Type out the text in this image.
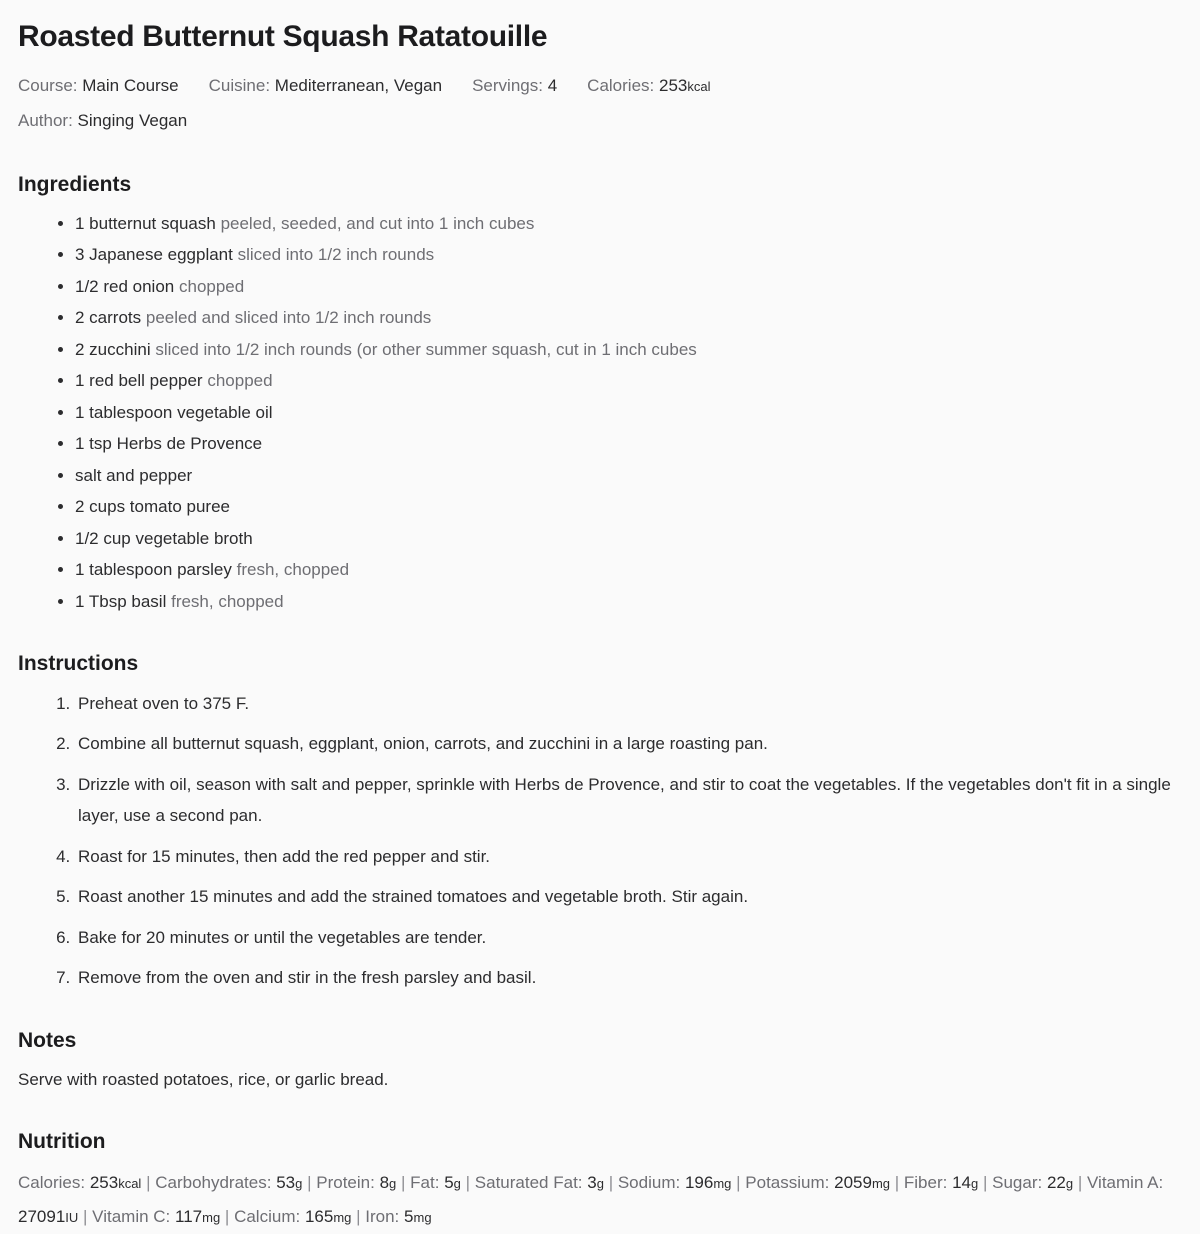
Roasted Butternut Squash Ratatouille
Course: Main Course Cuisine: Mediterranean, Vegan Servings: 4 Calories: 253kcal
Author: Singing Vegan
Ingredients
• 1 butternut squash peeled, seeded, and cut into 1 inch cubes
• 3 Japanese eggplant sliced into 1/2 inch rounds
• 1/2 red onion chopped
• 2 carrots peeled and sliced into 1/2 inch rounds
• 2 zucchini sliced into 1/2 inch rounds (or other summer squash, cut in 1 inch cubes
• 1 red bell pepper chopped
• 1 tablespoon vegetable oil
• 1 tsp Herbs de Provence
• salt and pepper
• 2 cups tomato puree
• 1/2 cup vegetable broth
• 1 tablespoon parsley fresh, chopped
• 1 Tbsp basil fresh, chopped
Instructions
1. Preheat oven to 375 F.
2. Combine all butternut squash, eggplant, onion, carrots, and zucchini in a large roasting pan.
3. Drizzle with oil, season with salt and pepper, sprinkle with Herbs de Provence, and stir to coat the vegetables. If the vegetables don't fit in a single layer, use a second pan.
4. Roast for 15 minutes, then add the red pepper and stir.
5. Roast another 15 minutes and add the strained tomatoes and vegetable broth. Stir again.
6. Bake for 20 minutes or until the vegetables are tender.
7. Remove from the oven and stir in the fresh parsley and basil.
Notes

Serve with roasted potatoes, rice, or garlic bread.

Nutrition

Calories: 253kcal | Carbohydrates: 53g | Protein: 8g | Fat: 5g | Saturated Fat: 3g | Sodium: 196mg | Potassium: 2059mg | Fiber: 14g | Sugar: 22g | Vitamin A: 27091IU | Vitamin C: 117mg | Calcium: 165mg | Iron: 5mg
